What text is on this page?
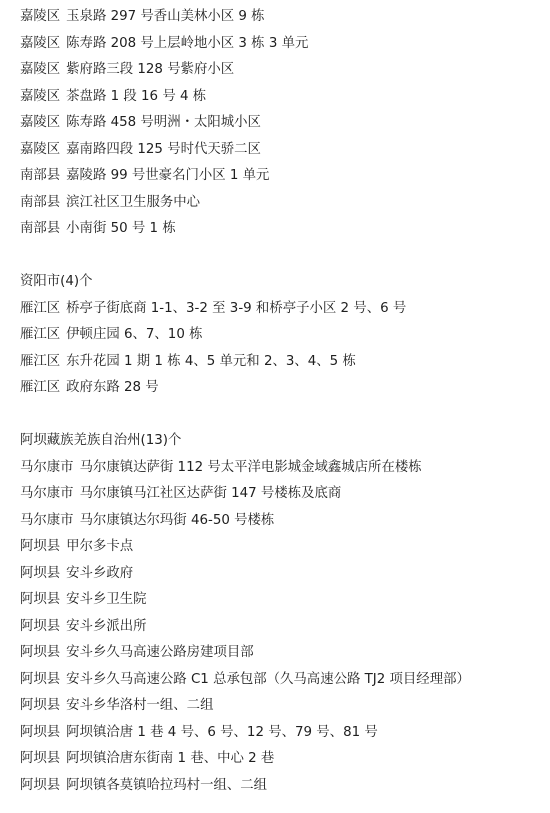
嘉陵区 玉泉路 297 号香山美林小区 9 栋
嘉陵区 陈寿路 208 号上层岭地小区 3 栋 3 单元
嘉陵区 紫府路三段 128 号紫府小区
嘉陵区 茶盘路 1 段 16 号 4 栋
嘉陵区 陈寿路 458 号明洲・太阳城小区
嘉陵区 嘉南路四段 125 号时代天骄二区
南部县 嘉陵路 99 号世豪名门小区 1 单元
南部县 滨江社区卫生服务中心
南部县 小南街 50 号 1 栋
资阳市(4)个
雁江区 桥亭子街底商 1-1、3-2 至 3-9 和桥亭子小区 2 号、6 号
雁江区 伊顿庄园 6、7、10 栋
雁江区 东升花园 1 期 1 栋 4、5 单元和 2、3、4、5 栋
雁江区 政府东路 28 号
阿坝藏族羌族自治州(13)个
马尔康市 马尔康镇达萨街 112 号太平洋电影城金域鑫城店所在楼栋
马尔康市 马尔康镇马江社区达萨街 147 号楼栋及底商
马尔康市 马尔康镇达尔玛街 46-50 号楼栋
阿坝县 甲尔多卡点
阿坝县 安斗乡政府
阿坝县 安斗乡卫生院
阿坝县 安斗乡派出所
阿坝县 安斗乡久马高速公路房建项目部
阿坝县 安斗乡久马高速公路 C1 总承包部（久马高速公路 TJ2 项目经理部）
阿坝县 安斗乡华洛村一组、二组
阿坝县 阿坝镇洽唐 1 巷 4 号、6 号、12 号、79 号、81 号
阿坝县 阿坝镇洽唐东街南 1 巷、中心 2 巷
阿坝县 阿坝镇各莫镇哈拉玛村一组、二组
